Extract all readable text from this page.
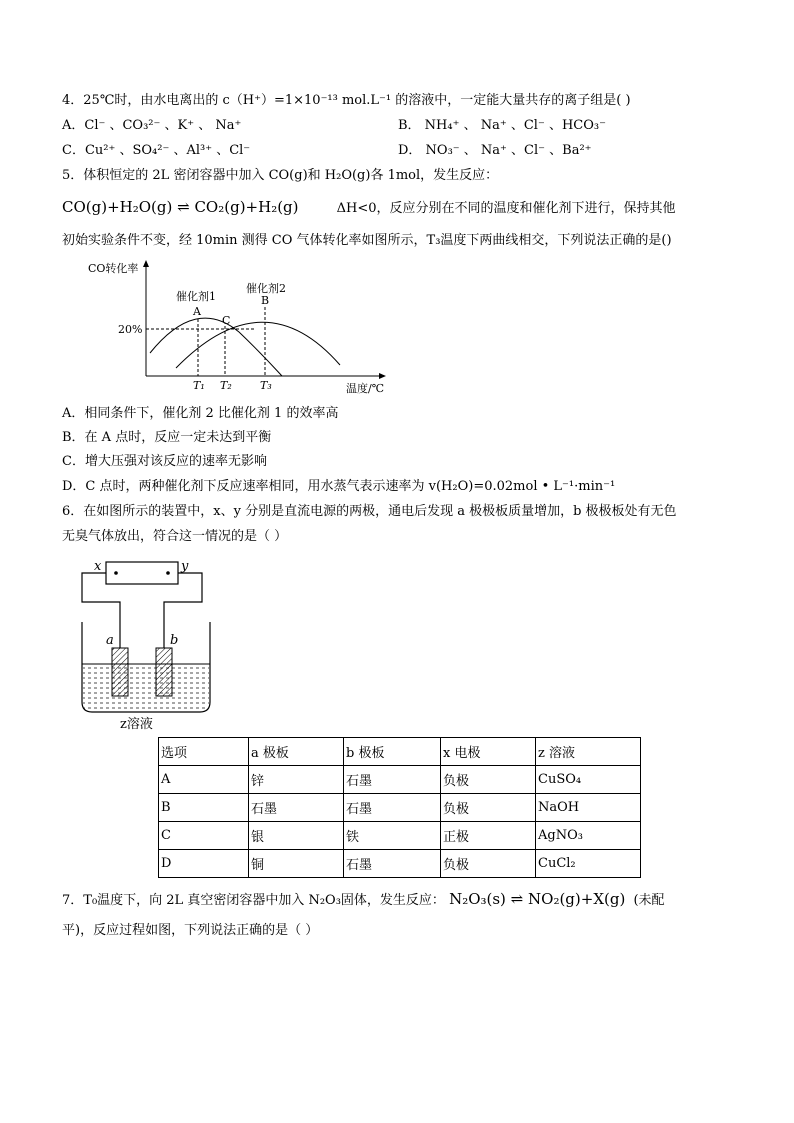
4．25℃时，由水电离出的 c（H⁺）=1×10⁻¹³ mol.L⁻¹ 的溶液中，一定能大量共存的离子组是( )
A．Cl⁻ 、CO₃²⁻ 、K⁺ 、 Na⁺	B． NH₄⁺ 、 Na⁺ 、Cl⁻ 、HCO₃⁻
C．Cu²⁺ 、SO₄²⁻ 、Al³⁺ 、Cl⁻	D． NO₃⁻ 、 Na⁺ 、Cl⁻ 、Ba²⁺
5．体积恒定的 2L 密闭容器中加入 CO(g)和 H₂O(g)各 1mol，发生反应：
CO(g)+H₂O(g) ⇌ CO₂(g)+H₂(g)	ΔH<0，反应分别在不同的温度和催化剂下进行，保持其他
初始实验条件不变，经 10min 测得 CO 气体转化率如图所示，T₃温度下两曲线相交，下列说法正确的是()
CO转化率
温度/℃
催化剂1
催化剂2
A
B
C
20%
T₁ T₂	T₃
A．相同条件下，催化剂 2 比催化剂 1 的效率高
B．在 A 点时，反应一定未达到平衡
C．增大压强对该反应的速率无影响
D．C 点时，两种催化剂下反应速率相同，用水蒸气表示速率为 v(H₂O)=0.02mol • L⁻¹·min⁻¹
6．在如图所示的装置中，x、y 分别是直流电源的两极，通电后发现 a 极极板质量增加，b 极极板处有无色
无臭气体放出，符合这一情况的是（ ）
x	y
a	b
z溶液
选项	a 极板	b 极板	x 电极	z 溶液
A	锌	石墨	负极	CuSO₄
B	石墨	石墨	负极	NaOH
C	银	铁	正极	AgNO₃
D	铜	石墨	负极	CuCl₂
7．T₀温度下，向 2L 真空密闭容器中加入 N₂O₃固体，发生反应： N₂O₃(s) ⇌ NO₂(g)+X(g) (未配
平)，反应过程如图，下列说法正确的是（ ）
